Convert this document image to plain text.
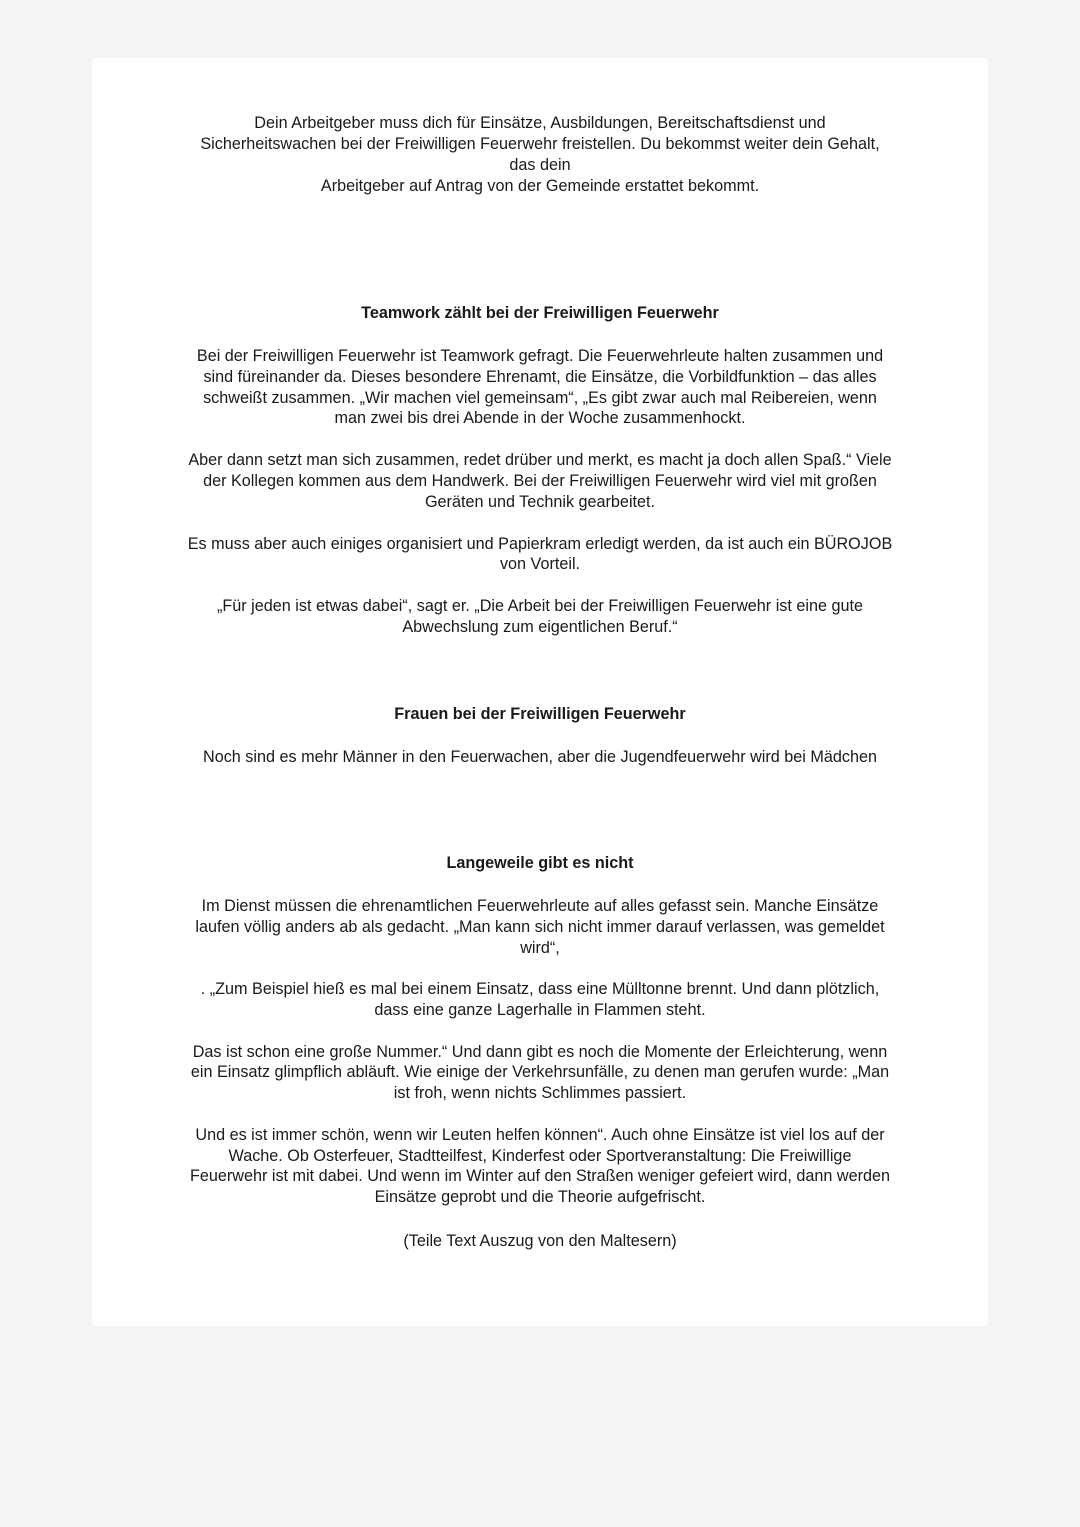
Dein Arbeitgeber muss dich für Einsätze, Ausbildungen, Bereitschaftsdienst und
Sicherheitswachen bei der Freiwilligen Feuerwehr freistellen. Du bekommst weiter dein Gehalt,
das dein
Arbeitgeber auf Antrag von der Gemeinde erstattet bekommt.
Teamwork zählt bei der Freiwilligen Feuerwehr
Bei der Freiwilligen Feuerwehr ist Teamwork gefragt. Die Feuerwehrleute halten zusammen und
sind füreinander da. Dieses besondere Ehrenamt, die Einsätze, die Vorbildfunktion – das alles
schweißt zusammen. „Wir machen viel gemeinsam“, „Es gibt zwar auch mal Reibereien, wenn
man zwei bis drei Abende in der Woche zusammenhockt.
Aber dann setzt man sich zusammen, redet drüber und merkt, es macht ja doch allen Spaß.“ Viele
der Kollegen kommen aus dem Handwerk. Bei der Freiwilligen Feuerwehr wird viel mit großen
Geräten und Technik gearbeitet.
Es muss aber auch einiges organisiert und Papierkram erledigt werden, da ist auch ein BÜROJOB
von Vorteil.
„Für jeden ist etwas dabei“, sagt er. „Die Arbeit bei der Freiwilligen Feuerwehr ist eine gute
Abwechslung zum eigentlichen Beruf.“
Frauen bei der Freiwilligen Feuerwehr
Noch sind es mehr Männer in den Feuerwachen, aber die Jugendfeuerwehr wird bei Mädchen
Langeweile gibt es nicht
Im Dienst müssen die ehrenamtlichen Feuerwehrleute auf alles gefasst sein. Manche Einsätze
laufen völlig anders ab als gedacht. „Man kann sich nicht immer darauf verlassen, was gemeldet
wird“,
. „Zum Beispiel hieß es mal bei einem Einsatz, dass eine Mülltonne brennt. Und dann plötzlich,
dass eine ganze Lagerhalle in Flammen steht.
Das ist schon eine große Nummer.“ Und dann gibt es noch die Momente der Erleichterung, wenn
ein Einsatz glimpflich abläuft. Wie einige der Verkehrsunfälle, zu denen man gerufen wurde: „Man
ist froh, wenn nichts Schlimmes passiert.
Und es ist immer schön, wenn wir Leuten helfen können“. Auch ohne Einsätze ist viel los auf der
Wache. Ob Osterfeuer, Stadtteilfest, Kinderfest oder Sportveranstaltung: Die Freiwillige
Feuerwehr ist mit dabei. Und wenn im Winter auf den Straßen weniger gefeiert wird, dann werden
Einsätze geprobt und die Theorie aufgefrischt.
(Teile Text Auszug von den Maltesern)
